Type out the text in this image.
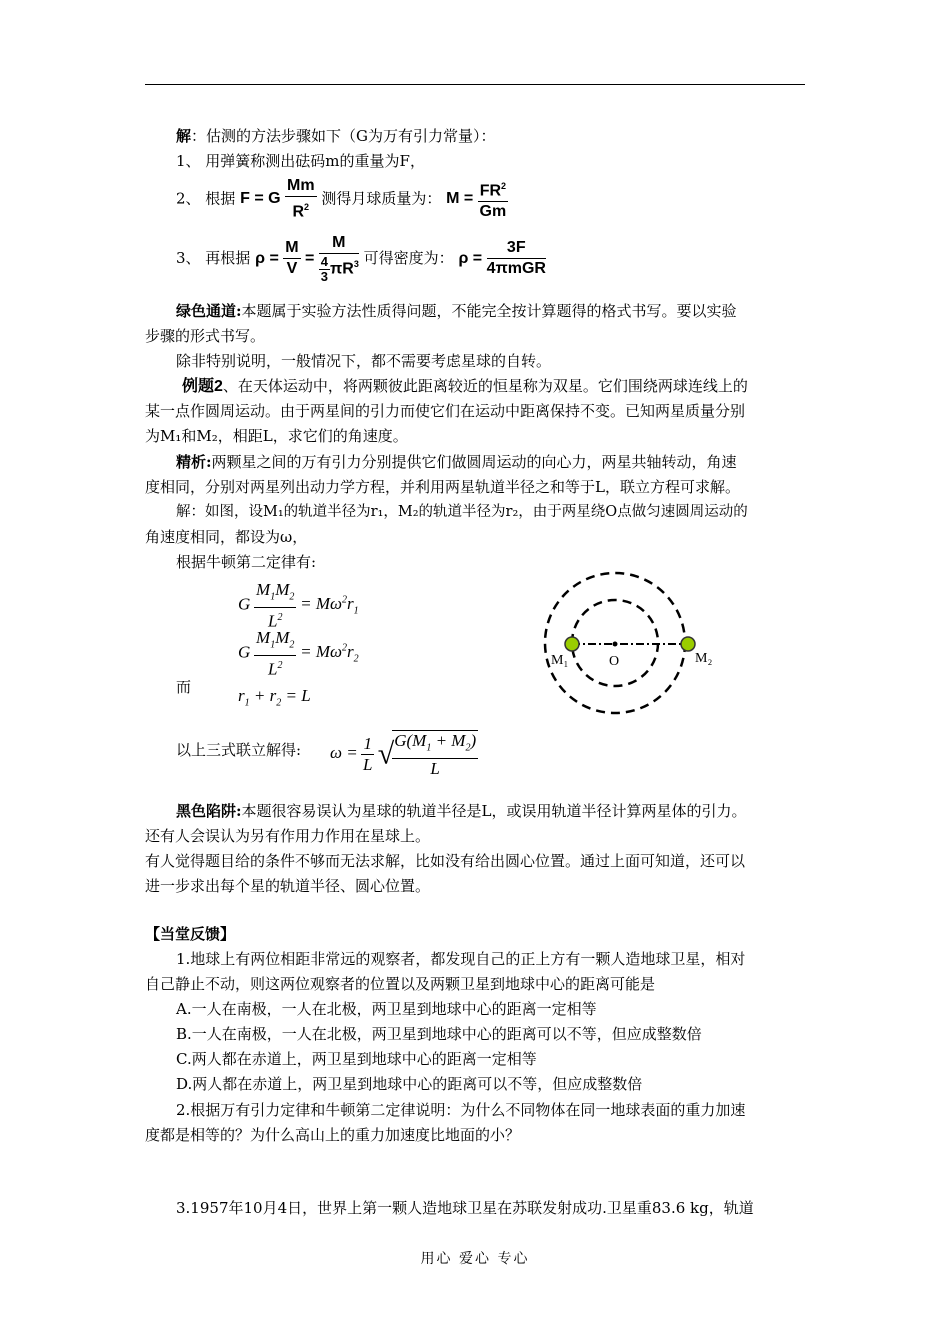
解：估测的方法步骤如下（G为万有引力常量）：
1、 用弹簧称测出砝码m的重量为F，
2、 根据 F = G $\frac{Mm}{R^2}$ 测得月球质量为： $M = \frac{FR^2}{Gm}$
3、 再根据 $\rho = \frac{M}{V} = \frac{M}{\frac{4}{3} \pi R^3}$ 可得密度为： $\rho = \frac{3F}{\text{4πmGR}}$
绿色通道:本题属于实验方法性质得问题，不能完全按计算题得的格式书写。要以实验
步骤的形式书写。
除非特别说明，一般情况下，都不需要考虑星球的自转。
例题2、在天体运动中，将两颗彼此距离较近的恒星称为双星。它们围绕两球连线上的
某一点作圆周运动。由于两星间的引力而使它们在运动中距离保持不变。已知两星质量分别
为M₁和M₂，相距L，求它们的角速度。
精析:两颗星之间的万有引力分别提供它们做圆周运动的向心力，两星共轴转动，角速
度相同，分别对两星列出动力学方程，并利用两星轨道半径之和等于L，联立方程可求解。
解：如图，设M₁的轨道半径为r₁，M₂的轨道半径为r₂，由于两星绕O点做匀速圆周运动的
角速度相同，都设为ω，
根据牛顿第二定律有:
G $\frac{M_1M_2}{L^2} = M\omega^2r_1$
G $\frac{M_1M_2}{L^2} = M\omega^2r_2$
而	$r_1 + r_2 = L$
以上三式联立解得: $\omega = \frac{1}{L}$ √
$\frac{G(M_1 + M_2)}{L}$
M₁	O	M₂
黑色陷阱:本题很容易误认为星球的轨道半径是L，或误用轨道半径计算两星体的引力。
还有人会误认为另有作用力作用在星球上。
有人觉得题目给的条件不够而无法求解，比如没有给出圆心位置。通过上面可知道，还可以
进一步求出每个星的轨道半径、圆心位置。
【当堂反馈】
1.地球上有两位相距非常远的观察者，都发现自己的正上方有一颗人造地球卫星，相对
自己静止不动，则这两位观察者的位置以及两颗卫星到地球中心的距离可能是
A.一人在南极，一人在北极，两卫星到地球中心的距离一定相等
B.一人在南极，一人在北极，两卫星到地球中心的距离可以不等，但应成整数倍
C.两人都在赤道上，两卫星到地球中心的距离一定相等
D.两人都在赤道上，两卫星到地球中心的距离可以不等，但应成整数倍
2.根据万有引力定律和牛顿第二定律说明：为什么不同物体在同一地球表面的重力加速
度都是相等的？为什么高山上的重力加速度比地面的小？
3.1957年10月4日，世界上第一颗人造地球卫星在苏联发射成功.卫星重83.6 kg，轨道
用心 爱心 专心
